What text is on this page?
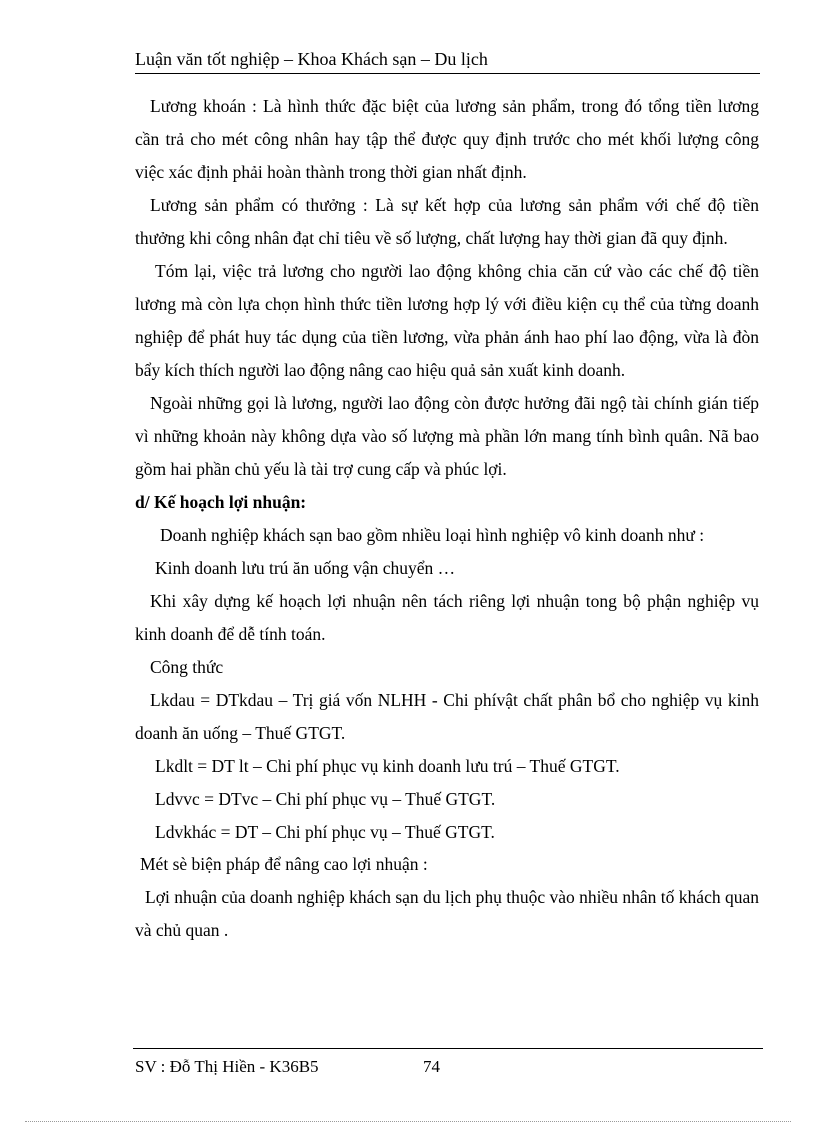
Luận văn tốt nghiệp – Khoa Khách sạn – Du lịch

Lương khoán : Là hình thức đặc biệt của lương sản phẩm, trong đó tổng tiền lương cần trả cho mét công nhân hay tập thể được quy định trước cho mét khối lượng công việc xác định phải hoàn thành trong thời gian nhất định.

Lương sản phẩm có thưởng : Là sự kết hợp của lương sản phẩm với chế độ tiền thưởng khi công nhân đạt chỉ tiêu về số lượng, chất lượng hay thời gian đã quy định.

Tóm lại, việc trả lương cho người lao động không chia căn cứ vào các chế độ tiền lương mà còn lựa chọn hình thức tiền lương hợp lý với điều kiện cụ thể của từng doanh nghiệp để phát huy tác dụng của tiền lương, vừa phản ánh hao phí lao động, vừa là đòn bẩy kích thích người lao động nâng cao hiệu quả sản xuất kinh doanh.

Ngoài những gọi là lương, người lao động còn được hưởng đãi ngộ tài chính gián tiếp vì những khoản này không dựa vào số lượng mà phần lớn mang tính bình quân. Nã bao gồm hai phần chủ yếu là tài trợ cung cấp và phúc lợi.

d/ Kế hoạch lợi nhuận:

Doanh nghiệp khách sạn bao gồm nhiều loại hình nghiệp vô kinh doanh như :

Kinh doanh lưu trú ăn uống vận chuyển …

Khi xây dựng kế hoạch lợi nhuận nên tách riêng lợi nhuận tong bộ phận nghiệp vụ kinh doanh để dễ tính toán.

Công thức

Lkdau = DTkdau – Trị giá vốn NLHH - Chi phívật chất phân bổ cho nghiệp vụ kinh doanh ăn uống – Thuế GTGT.

Lkdlt = DT lt – Chi phí phục vụ kinh doanh lưu trú – Thuế GTGT.

Ldvvc = DTvc – Chi phí phục vụ – Thuế GTGT.

Ldvkhác = DT – Chi phí phục vụ – Thuế GTGT.

Mét sè biện pháp để nâng cao lợi nhuận :

Lợi nhuận của doanh nghiệp khách sạn du lịch phụ thuộc vào nhiều nhân tố khách quan và chủ quan .

SV : Đỗ Thị Hiền - K36B5	74
